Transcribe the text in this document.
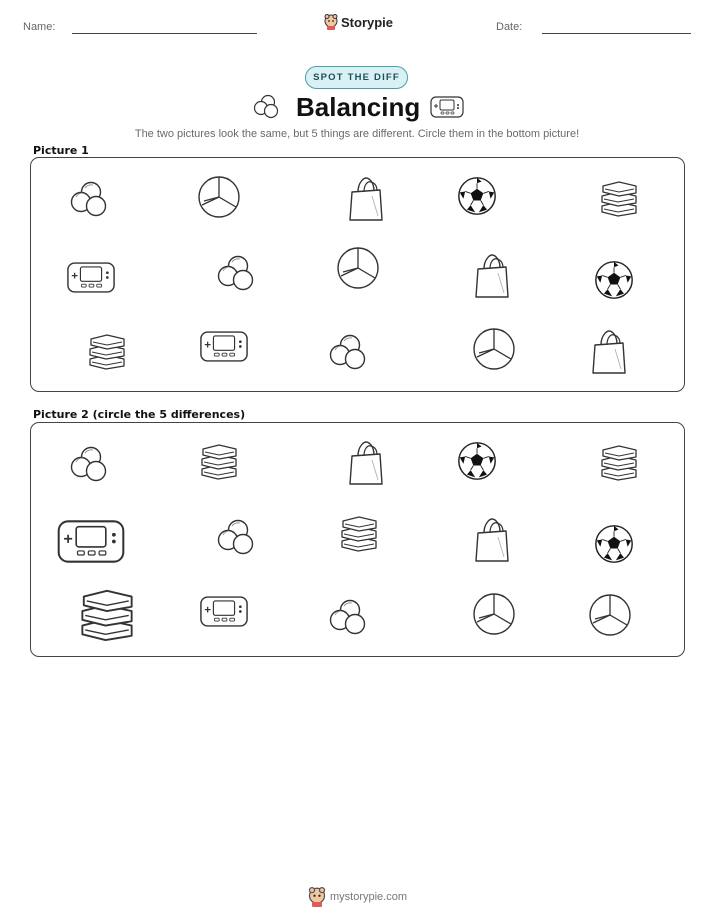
Name:	Storypie	Date:
SPOT THE DIFF
Balancing
The two pictures look the same, but 5 things are different. Circle them in the bottom picture!
Picture 1
Picture 2 (circle the 5 differences)
mystorypie.com
